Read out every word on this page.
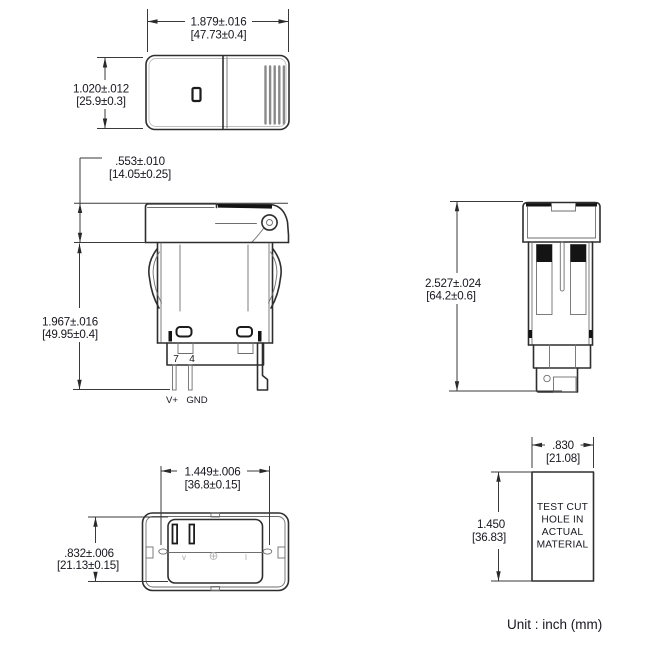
1.879±.016
[47.73±0.4]
1.020±.012
[25.9±0.3]
7 4
V+ GND
.553±.010
[14.05±0.25]
1.967±.016
[49.95±0.4]
2.527±.024
[64.2±0.6]
v	I
1.449±.006
[36.8±0.15]
.832±.006
[21.13±0.15]
TEST CUT
HOLE IN
ACTUAL
MATERIAL
.830
[21.08]
1.450
[36.83]
Unit : inch (mm)
